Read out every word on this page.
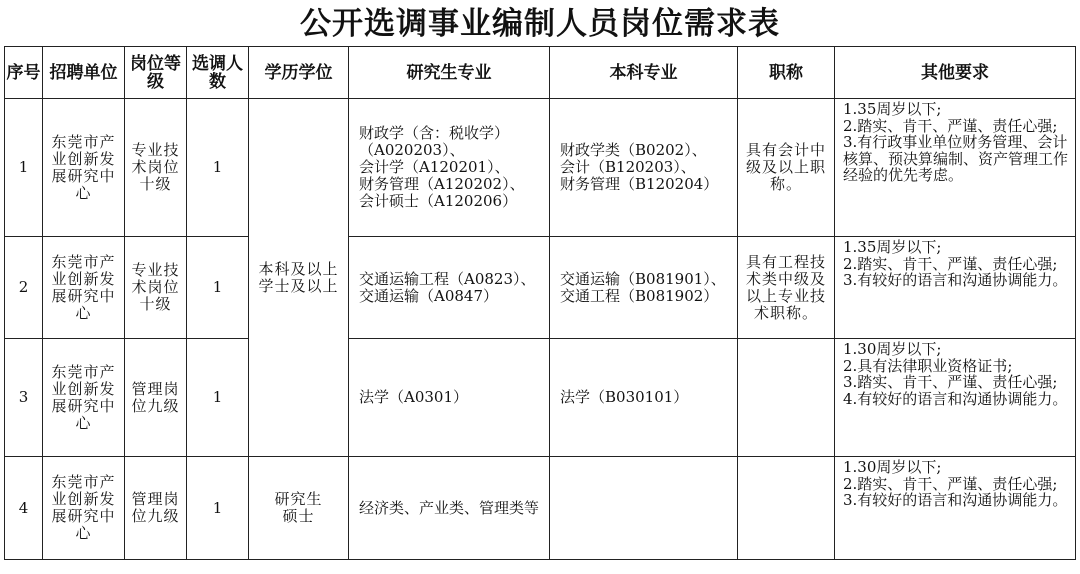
公开选调事业编制人员岗位需求表
序号	招聘单位	岗位等级	选调人数	学历学位	研究生专业	本科专业	职称	其他要求
1	东莞市产业创新发展研究中心	专业技术岗位十级	1	本科及以上学士及以上	财政学（含：税收学）（A020203）、
会计学（A120201）、
财务管理（A120202）、
会计硕士（A120206）	财政学类（B0202）、
会计（B120203）、
财务管理（B120204）	具有会计中级及以上职称。	1.35周岁以下;
2.踏实、肯干、严谨、责任心强;
3.有行政事业单位财务管理、会计核算、预决算编制、资产管理工作经验的优先考虑。

2	东莞市产业创新发展研究中心	专业技术岗位十级	1		交通运输工程（A0823）、
交通运输（A0847）	交通运输（B081901）、
交通工程（B081902）	具有工程技术类中级及以上专业技术职称。	1.35周岁以下;
2.踏实、肯干、严谨、责任心强;
3.有较好的语言和沟通协调能力。

3	东莞市产业创新发展研究中心	管理岗位九级	1		法学（A0301）	法学（B030101）		1.30周岁以下;
2.具有法律职业资格证书;
3.踏实、肯干、严谨、责任心强;
4.有较好的语言和沟通协调能力。

4	东莞市产业创新发展研究中心	管理岗位九级	1	研究生硕士	经济类、产业类、管理类等			1.30周岁以下;
2.踏实、肯干、严谨、责任心强;
3.有较好的语言和沟通协调能力。
